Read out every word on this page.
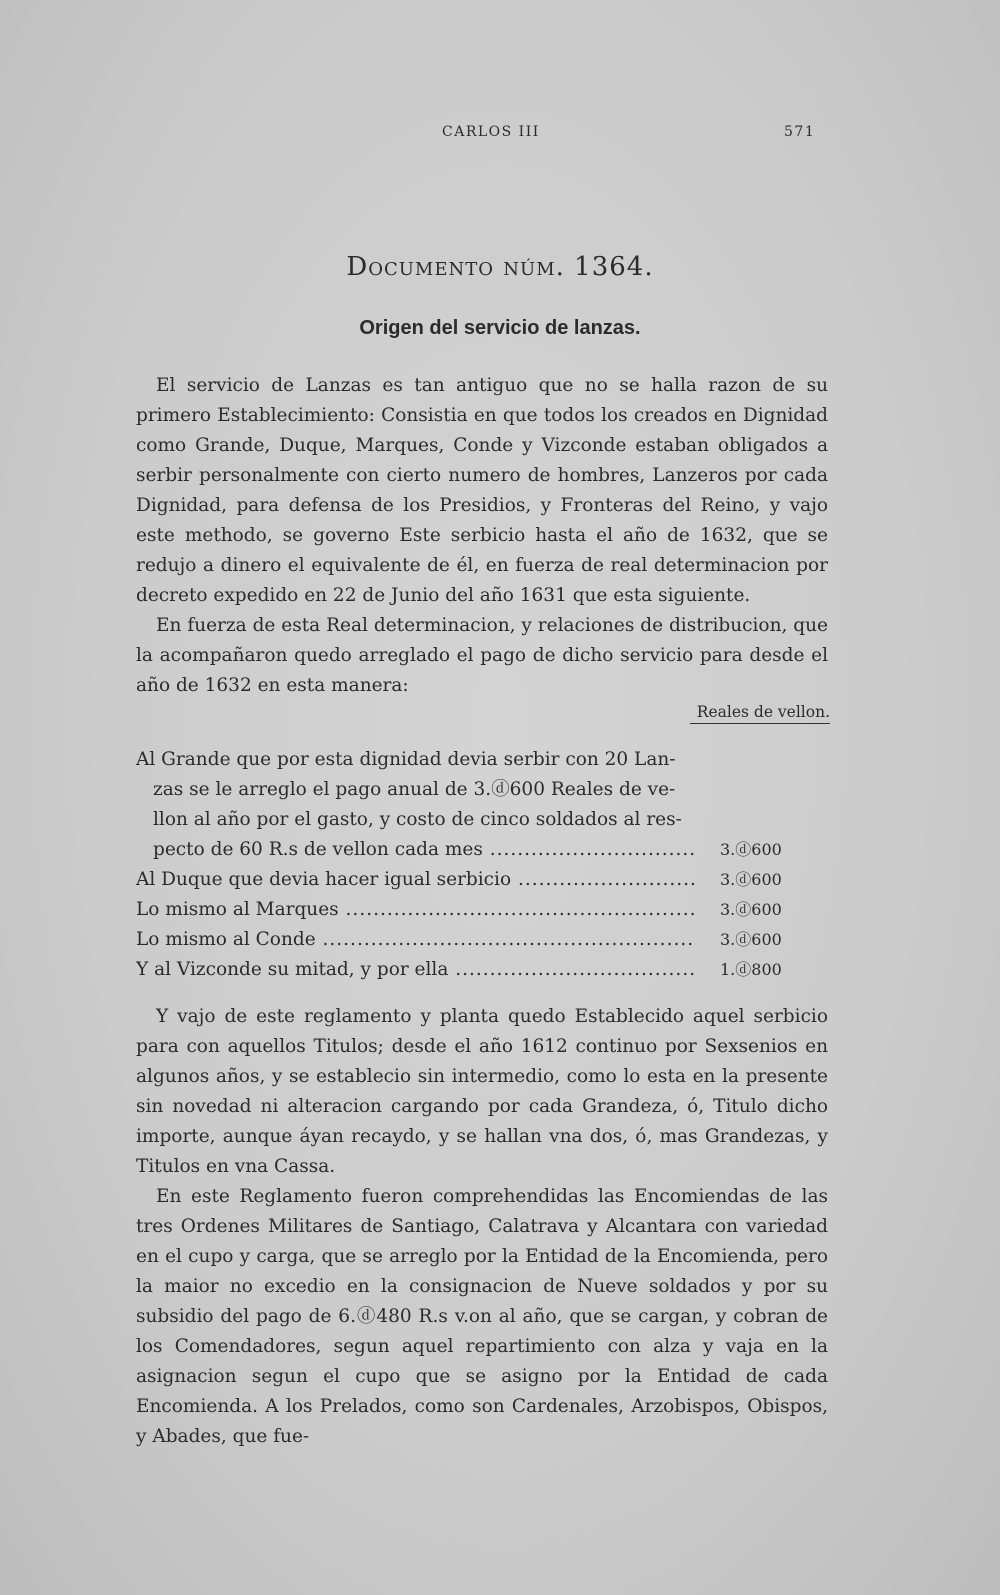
CARLOS III	571
Documento núm. 1364.
Origen del servicio de lanzas.

El servicio de Lanzas es tan antiguo que no se halla razon de su primero Establecimiento: Consistia en que todos los creados en Dignidad como Grande, Duque, Marques, Conde y Vizconde estaban obligados a serbir personalmente con cierto numero de hombres, Lanzeros por cada Dignidad, para defensa de los Presidios, y Fronteras del Reino, y vajo este methodo, se governo Este serbicio hasta el año de 1632, que se redujo a dinero el equivalente de él, en fuerza de real determinacion por decreto expedido en 22 de Junio del año 1631 que esta siguiente.

En fuerza de esta Real determinacion, y relaciones de distribucion, que la acompañaron quedo arreglado el pago de dicho servicio para desde el año de 1632 en esta manera:

Reales de vellon.
Al Grande que por esta dignidad devia serbir con 20 Lan-
zas se le arreglo el pago anual de 3.ⓓ600 Reales de ve-
llon al año por el gasto, y costo de cinco soldados al res-
pecto de 60 R.s de vellon cada mes .....	3.ⓓ600
Al Duque que devia hacer igual serbicio .....	3.ⓓ600
Lo mismo al Marques .....	3.ⓓ600
Lo mismo al Conde .....	3.ⓓ600
Y al Vizconde su mitad, y por ella .....	1.ⓓ800

Y vajo de este reglamento y planta quedo Establecido aquel serbicio para con aquellos Titulos; desde el año 1612 continuo por Sexsenios en algunos años, y se establecio sin intermedio, como lo esta en la presente sin novedad ni alteracion cargando por cada Grandeza, ó, Titulo dicho importe, aunque áyan recaydo, y se hallan vna dos, ó, mas Grandezas, y Titulos en vna Cassa.

En este Reglamento fueron comprehendidas las Encomiendas de las tres Ordenes Militares de Santiago, Calatrava y Alcantara con variedad en el cupo y carga, que se arreglo por la Entidad de la Encomienda, pero la maior no excedio en la consignacion de Nueve soldados y por su subsidio del pago de 6.ⓓ480 R.s v.on al año, que se cargan, y cobran de los Comendadores, segun aquel repartimiento con alza y vaja en la asignacion segun el cupo que se asigno por la Entidad de cada Encomienda. A los Prelados, como son Cardenales, Arzobispos, Obispos, y Abades, que fue-
